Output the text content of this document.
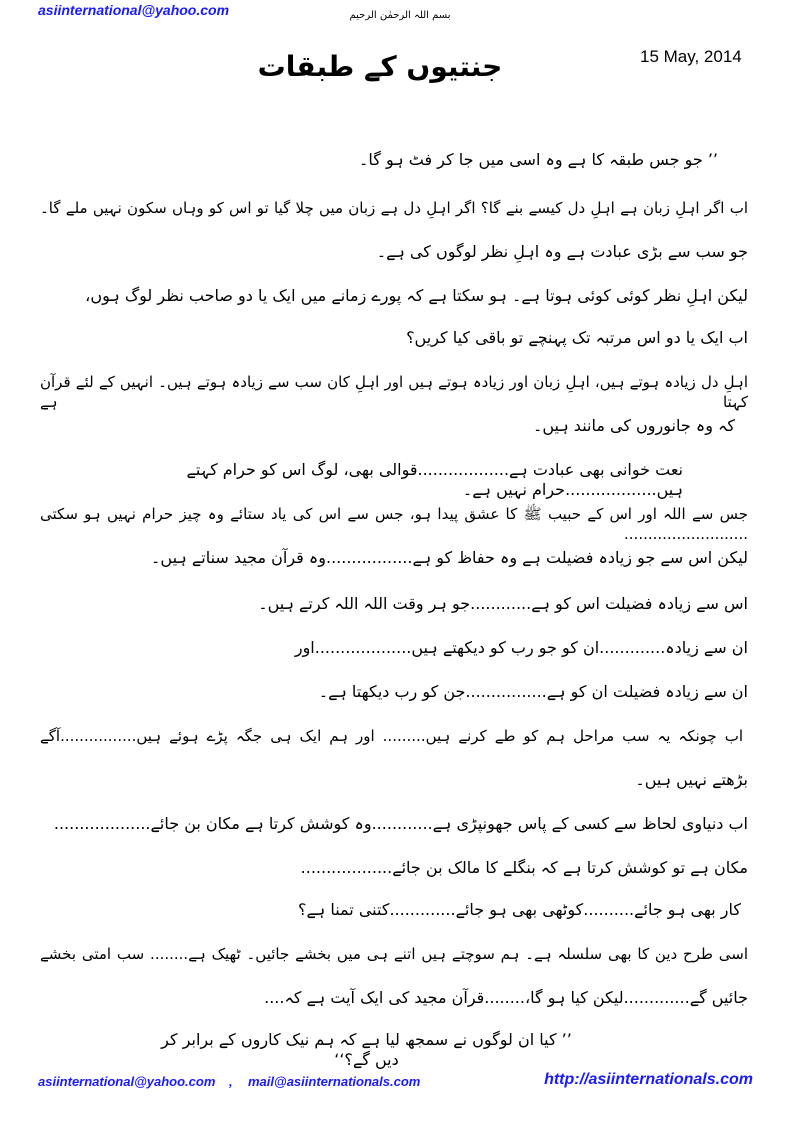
asiinternational@yahoo.com	بسم اللہ الرحمٰن الرحیم
15 May, 2014
جنتیوں کے طبقات
’’ جو جس طبقہ کا ہے وہ اسی میں جا کر فٹ ہو گا۔
اب اگر اہلِ زبان ہے اہلِ دل کیسے بنے گا؟ اگر اہلِ دل ہے زبان میں چلا گیا تو اس کو وہاں سکون نہیں ملے گا۔
جو سب سے بڑی عبادت ہے وہ اہلِ نظر لوگوں کی ہے۔
لیکن اہلِ نظر کوئی کوئی ہوتا ہے۔ ہو سکتا ہے کہ پورے زمانے میں ایک یا دو صاحب نظر لوگ ہوں،
اب ایک یا دو اس مرتبہ تک پہنچے تو باقی کیا کریں؟
اہلِ دل زیادہ ہوتے ہیں، اہلِ زبان اور زیادہ ہوتے ہیں اور اہلِ کان سب سے زیادہ ہوتے ہیں۔ انہیں کے لئے قرآن کہتا ہے
کہ وہ جانوروں کی مانند ہیں۔
نعت خوانی بھی عبادت ہے..................قوالی بھی، لوگ اس کو حرام کہتے ہیں..................حرام نہیں ہے۔
جس سے اللہ اور اس کے حبیب ﷺ کا عشق پیدا ہو، جس سے اس کی یاد ستائے وہ چیز حرام نہیں ہو سکتی ..........................
لیکن اس سے جو زیادہ فضیلت ہے وہ حفاظ کو ہے.................وہ قرآن مجید سناتے ہیں۔
اس سے زیادہ فضیلت اس کو ہے............جو ہر وقت اللہ اللہ کرتے ہیں۔
ان سے زیادہ.............ان کو جو رب کو دیکھتے ہیں...................اور
ان سے زیادہ فضیلت ان کو ہے................جن کو رب دیکھتا ہے۔
اب چونکہ یہ سب مراحل ہم کو طے کرنے ہیں......... اور ہم ایک ہی جگہ پڑے ہوئے ہیں................آگے
بڑھتے نہیں ہیں۔
اب دنیاوی لحاظ سے کسی کے پاس جھونپڑی ہے............وہ کوشش کرتا ہے مکان بن جائے...................
مکان ہے تو کوشش کرتا ہے کہ بنگلے کا مالک بن جائے..................
کار بھی ہو جائے..........کوٹھی بھی ہو جائے.............کتنی تمنا ہے؟
اسی طرح دین کا بھی سلسلہ ہے۔ ہم سوچتے ہیں اتنے ہی میں بخشے جائیں۔ ٹھیک ہے........ سب امتی بخشے
جائیں گے.............لیکن کیا ہو گا،........قرآن مجید کی ایک آیت ہے کہ....
’’ کیا ان لوگوں نے سمجھ لیا ہے کہ ہم نیک کاروں کے برابر کر دیں گے؟‘‘
asiinternational@yahoo.com , mail@asiinternationals.com	http://asiinternationals.com
